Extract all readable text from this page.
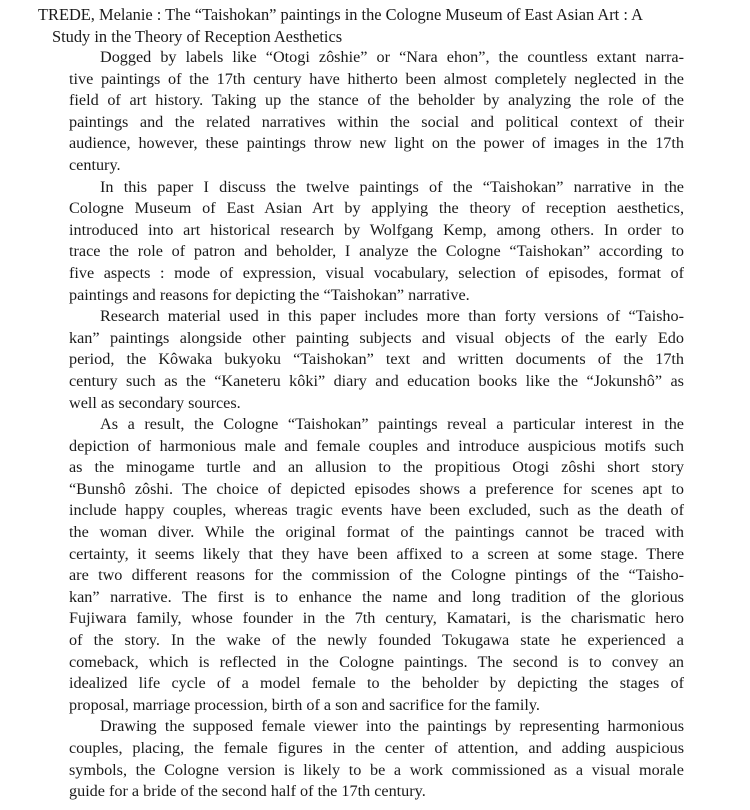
TREDE, Melanie : The “Taishokan” paintings in the Cologne Museum of East Asian Art : A
Study in the Theory of Reception Aesthetics
Dogged by labels like “Otogi zôshie” or “Nara ehon”, the countless extant narra-
tive paintings of the 17th century have hitherto been almost completely neglected in the
field of art history. Taking up the stance of the beholder by analyzing the role of the
paintings and the related narratives within the social and political context of their
audience, however, these paintings throw new light on the power of images in the 17th
century.
In this paper I discuss the twelve paintings of the “Taishokan” narrative in the
Cologne Museum of East Asian Art by applying the theory of reception aesthetics,
introduced into art historical research by Wolfgang Kemp, among others. In order to
trace the role of patron and beholder, I analyze the Cologne “Taishokan” according to
five aspects : mode of expression, visual vocabulary, selection of episodes, format of
paintings and reasons for depicting the “Taishokan” narrative.
Research material used in this paper includes more than forty versions of “Taisho-
kan” paintings alongside other painting subjects and visual objects of the early Edo
period, the Kôwaka bukyoku “Taishokan” text and written documents of the 17th
century such as the “Kaneteru kôki” diary and education books like the “Jokunshô” as
well as secondary sources.
As a result, the Cologne “Taishokan” paintings reveal a particular interest in the
depiction of harmonious male and female couples and introduce auspicious motifs such
as the minogame turtle and an allusion to the propitious Otogi zôshi short story
“Bunshô zôshi. The choice of depicted episodes shows a preference for scenes apt to
include happy couples, whereas tragic events have been excluded, such as the death of
the woman diver. While the original format of the paintings cannot be traced with
certainty, it seems likely that they have been affixed to a screen at some stage. There
are two different reasons for the commission of the Cologne pintings of the “Taisho-
kan” narrative. The first is to enhance the name and long tradition of the glorious
Fujiwara family, whose founder in the 7th century, Kamatari, is the charismatic hero
of the story. In the wake of the newly founded Tokugawa state he experienced a
comeback, which is reflected in the Cologne paintings. The second is to convey an
idealized life cycle of a model female to the beholder by depicting the stages of
proposal, marriage procession, birth of a son and sacrifice for the family.
Drawing the supposed female viewer into the paintings by representing harmonious
couples, placing, the female figures in the center of attention, and adding auspicious
symbols, the Cologne version is likely to be a work commissioned as a visual morale
guide for a bride of the second half of the 17th century.
